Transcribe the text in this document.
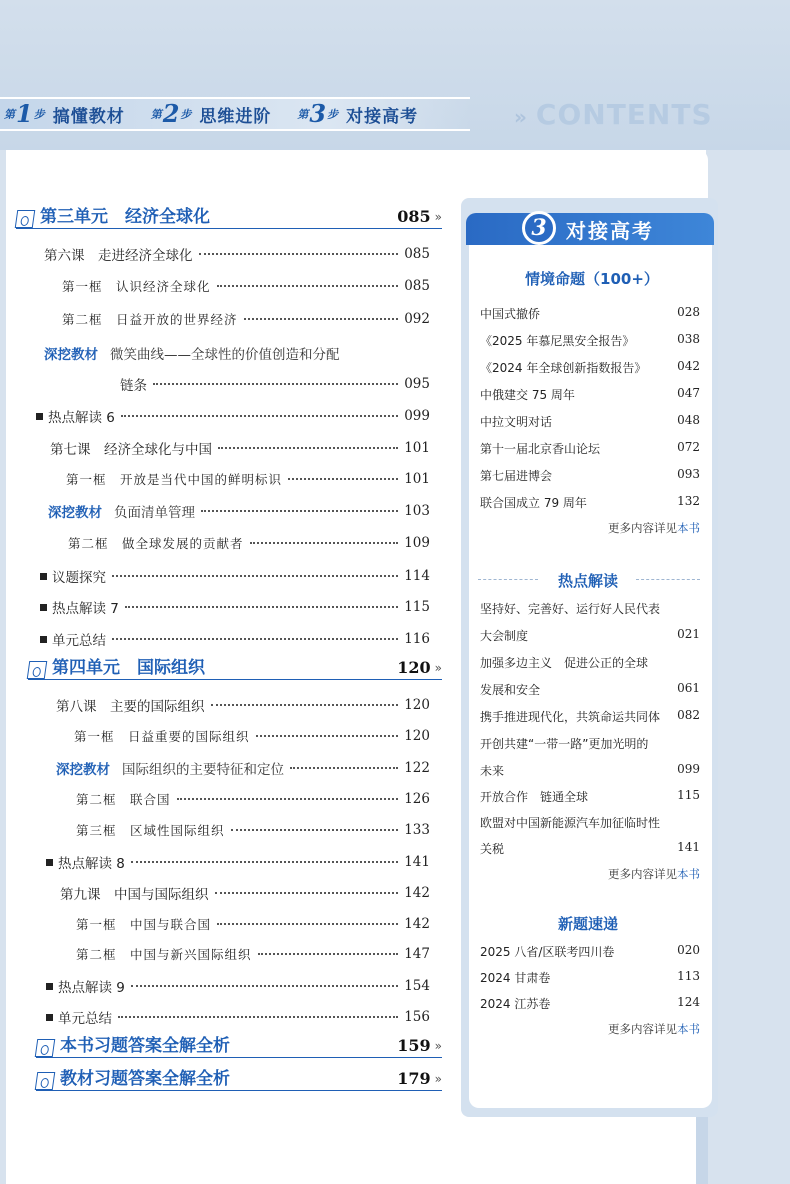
第 1 步 搞懂教材 第 2 步 思维进阶 第 3 步 对接高考	» CONTENTS
第三单元　经济全球化	085 »
第六课　走进经济全球化	085
第一框　认识经济全球化	085
第二框　日益开放的世界经济	092
深挖教材 微笑曲线——全球性的价值创造和分配
链条	095
热点解读 6	099
第七课　经济全球化与中国	101
第一框　开放是当代中国的鲜明标识	101
深挖教材 负面清单管理	103
第二框　做全球发展的贡献者	109
议题探究	114
热点解读 7	115
单元总结	116
第四单元　国际组织	120 »
第八课　主要的国际组织	120
第一框　日益重要的国际组织	120
深挖教材 国际组织的主要特征和定位	122
第二框　联合国	126
第三框　区域性国际组织	133
热点解读 8	141
第九课　中国与国际组织	142
第一框　中国与联合国	142
第二框　中国与新兴国际组织	147
热点解读 9	154
单元总结	156
本书习题答案全解全析	159 »
教材习题答案全解全析	179 »
3 对接高考
情境命题（100+）
中国式撤侨	028
《2025 年慕尼黑安全报告》	038
《2024 年全球创新指数报告》	042
中俄建交 75 周年	047
中拉文明对话	048
第十一届北京香山论坛	072
第七届进博会	093
联合国成立 79 周年	132
更多内容详见本书
热点解读
坚持好、完善好、运行好人民代表
大会制度	021
加强多边主义　促进公正的全球
发展和安全	061
携手推进现代化，共筑命运共同体	082
开创共建“一带一路”更加光明的
未来	099
开放合作　链通全球	115
欧盟对中国新能源汽车加征临时性
关税	141
更多内容详见本书
新题速递
2025 八省/区联考四川卷	020
2024 甘肃卷	113
2024 江苏卷	124
更多内容详见本书
